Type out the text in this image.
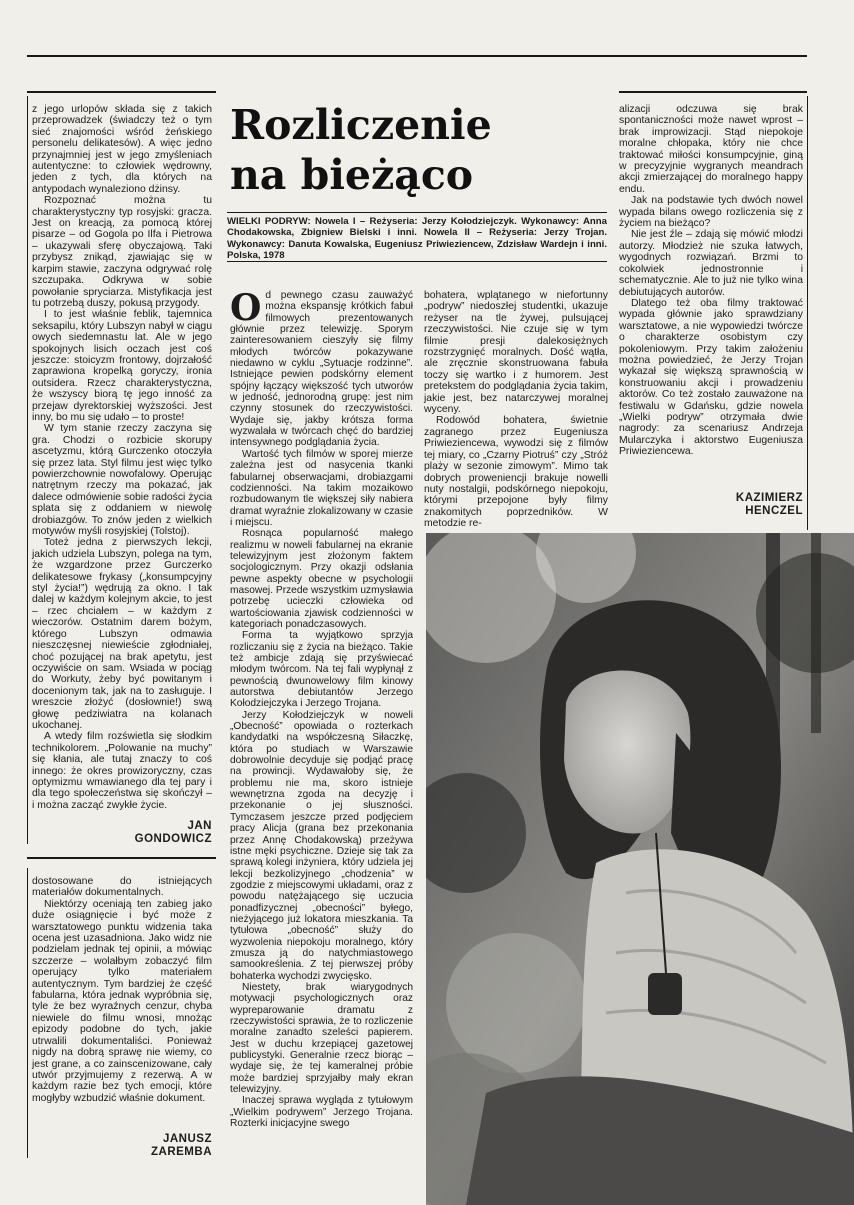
z jego urlopów składa się z takich przeprowadzek (świadczy też o tym sieć znajomości wśród żeńskiego personelu delikatesów). A więc jedno przynajmniej jest w jego zmyśleniach autentyczne: to człowiek wędrowny, jeden z tych, dla których na antypodach wynaleziono dżinsy.

Rozpoznać można tu charakterystyczny typ rosyjski: gracza. Jest on kreacją, za pomocą której pisarze – od Gogola po Ilfa i Pietrowa – ukazywali sferę obyczajową. Taki przybysz znikąd, zjawiając się w karpim stawie, zaczyna odgrywać rolę szczupaka. Odkrywa w sobie powołanie spryciarza. Mistyfikacja jest tu potrzebą duszy, pokusą przygody.

I to jest właśnie feblik, tajemnica seksapilu, który Lubszyn nabył w ciągu owych siedemnastu lat. Ale w jego spokojnych lisich oczach jest coś jeszcze: stoicyzm frontowy, dojrzałość zaprawiona kropelką goryczy, ironia outsidera. Rzecz charakterystyczna, że wszyscy biorą tę jego inność za przejaw dyrektorskiej wyższości. Jest inny, bo mu się udało – to proste!

W tym stanie rzeczy zaczyna się gra. Chodzi o rozbicie skorupy ascetyzmu, którą Gurczenko otoczyła się przez lata. Styl filmu jest więc tylko powierzchownie nowofalowy. Operując natrętnym rzeczy ma pokazać, jak dalece odmówienie sobie radości życia splata się z oddaniem w niewolę drobiazgów. To znów jeden z wielkich motywów myśli rosyjskiej (Tolstoj).

Toteż jedna z pierwszych lekcji, jakich udziela Lubszyn, polega na tym, że wzgardzone przez Gurczerko delikatesowe frykasy („konsumpcyjny styl życia!”) wędrują za okno. I tak dalej w każdym kolejnym akcie, to jest – rzec chciałem – w każdym z wieczorów. Ostatnim darem bożym, którego Lubszyn odmawia nieszczęsnej niewieście zgłodniałej, choć pozującej na brak apetytu, jest oczywiście on sam. Wsiada w pociąg do Workuty, żeby być powitanym i docenionym tak, jak na to zasługuje. I wreszcie złożyć (dosłownie!) swą głowę pedziwiatra na kolanach ukochanej.

A wtedy film rozświetla się słodkim technikolorem. „Polowanie na muchy” się kłania, ale tutaj znaczy to coś innego: że okres prowizoryczny, czas optymizmu wmawianego dla tej pary i dla tego społeczeństwa się skończył – i można zacząć zwykłe życie.

JAN
GONDOWICZ

dostosowane do istniejących materiałów dokumentalnych.

Niektórzy oceniają ten zabieg jako duże osiągnięcie i być może z warsztatowego punktu widzenia taka ocena jest uzasadniona. Jako widz nie podzielam jednak tej opinii, a mówiąc szczerze – wolałbym zobaczyć film operujący tylko materiałem autentycznym. Tym bardziej że część fabularna, która jednak wypróbnia się, tyle że bez wyraźnych cenzur, chyba niewiele do filmu wnosi, mnożąc epizody podobne do tych, jakie utrwalili dokumentaliści. Ponieważ nigdy na dobrą sprawę nie wiemy, co jest grane, a co zainscenizowane, cały utwór przyjmujemy z rezerwą. A w każdym razie bez tych emocji, które mogłyby wzbudzić właśnie dokument.

JANUSZ
ZAREMBA
Rozliczenie
na bieżąco
WIELKI PODRYW: Nowela I – Reżyseria: Jerzy Kołodziejczyk. Wykonawcy: Anna Chodakowska, Zbigniew Bielski i inni. Nowela II – Reżyseria: Jerzy Trojan. Wykonawcy: Danuta Kowalska, Eugeniusz Priwieziencew, Zdzisław Wardejn i inni. Polska, 1978

Od pewnego czasu zauważyć można ekspansję krótkich fabuł filmowych prezentowanych głównie przez telewizję. Sporym zainteresowaniem cieszyły się filmy młodych twórców pokazywane niedawno w cyklu „Sytuacje rodzinne”. Istniejące pewien podskórny element spójny łączący większość tych utworów w jedność, jednorodną grupę: jest nim czynny stosunek do rzeczywistości. Wydaje się, jakby krótsza forma wyzwalała w twórcach chęć do bardziej intensywnego podglądania życia.

Wartość tych filmów w sporej mierze zależna jest od nasycenia tkanki fabularnej obserwacjami, drobiazgami codzienności. Na takim mozaikowo rozbudowanym tle większej siły nabiera dramat wyraźnie zlokalizowany w czasie i miejscu.

Rosnąca popularność małego realizmu w noweli fabularnej na ekranie telewizyjnym jest złożonym faktem socjologicznym. Przy okazji odsłania pewne aspekty obecne w psychologii masowej. Przede wszystkim uzmysławia potrzebę ucieczki człowieka od wartościowania zjawisk codzienności w kategoriach ponadczasowych.

Forma ta wyjątkowo sprzyja rozliczaniu się z życia na bieżąco. Takie też ambicje zdają się przyświecać młodym twórcom. Na tej fali wypłynął z pewnością dwunowelowy film kinowy autorstwa debiutantów Jerzego Kołodziejczyka i Jerzego Trojana.

Jerzy Kołodziejczyk w noweli „Obecność” opowiada o rozterkach kandydatki na współczesną Siłaczkę, która po studiach w Warszawie dobrowolnie decyduje się podjąć pracę na prowincji. Wydawałoby się, że problemu nie ma, skoro istnieje wewnętrzna zgoda na decyzję i przekonanie o jej słuszności. Tymczasem jeszcze przed podjęciem pracy Alicja (grana bez przekonania przez Annę Chodakowską) przeżywa istne męki psychiczne. Dzieje się tak za sprawą kolegi inżyniera, który udziela jej lekcji bezkolizyjnego „chodzenia” w zgodzie z miejscowymi układami, oraz z powodu natężającego się uczucia ponadfizycznej „obecności” byłego, nieżyjącego już lokatora mieszkania. Ta tytułowa „obecność” służy do wyzwolenia niepokoju moralnego, który zmusza ją do natychmiastowego samookreślenia. Z tej pierwszej próby bohaterka wychodzi zwycięsko.

Niestety, brak wiarygodnych motywacji psychologicznych oraz wypreparowanie dramatu z rzeczywistości sprawia, że to rozliczenie moralne zanadto szeleści papierem. Jest w duchu krzepiącej gazetowej publicystyki. Generalnie rzecz biorąc – wydaje się, że tej kameralnej próbie może bardziej sprzyjałby mały ekran telewizyjny.

Inaczej sprawa wygląda z tytułowym „Wielkim podrywem” Jerzego Trojana. Rozterki inicjacyjne swego

bohatera, wplątanego w niefortunny „podryw” niedoszłej studentki, ukazuje reżyser na tle żywej, pulsującej rzeczywistości. Nie czuje się w tym filmie presji dalekosiężnych rozstrzygnięć moralnych. Dość wątła, ale zręcznie skonstruowana fabuła toczy się wartko i z humorem. Jest pretekstem do podglądania życia takim, jakie jest, bez natarczywej moralnej wyceny.

Rodowód bohatera, świetnie zagranego przez Eugeniusza Priwieziencewa, wywodzi się z filmów tej miary, co „Czarny Piotruś” czy „Stróż plaży w sezonie zimowym”. Mimo tak dobrych proweniencji brakuje nowelli nuty nostalgii, podskórnego niepokoju, którymi przepojone były filmy znakomitych poprzedników. W metodzie re-

alizacji odczuwa się brak spontaniczności może nawet wprost – brak improwizacji. Stąd niepokoje moralne chłopaka, który nie chce traktować miłości konsumpcyjnie, giną w precyzyjnie wygranych meandrach akcji zmierzającej do moralnego happy endu.

Jak na podstawie tych dwóch nowel wypada bilans owego rozliczenia się z życiem na bieżąco?

Nie jest źle – zdają się mówić młodzi autorzy. Młodzież nie szuka łatwych, wygodnych rozwiązań. Brzmi to cokolwiek jednostronnie i schematycznie. Ale to już nie tylko wina debiutujących autorów.

Dlatego też oba filmy traktować wypada głównie jako sprawdziany warsztatowe, a nie wypowiedzi twórcze o charakterze osobistym czy pokoleniowym. Przy takim założeniu można powiedzieć, że Jerzy Trojan wykazał się większą sprawnością w konstruowaniu akcji i prowadzeniu aktorów. Co też zostało zauważone na festiwalu w Gdańsku, gdzie nowela „Wielki podryw” otrzymała dwie nagrody: za scenariusz Andrzeja Mularczyka i aktorstwo Eugeniusza Priwieziencewa.

KAZIMIERZ
HENCZEL
